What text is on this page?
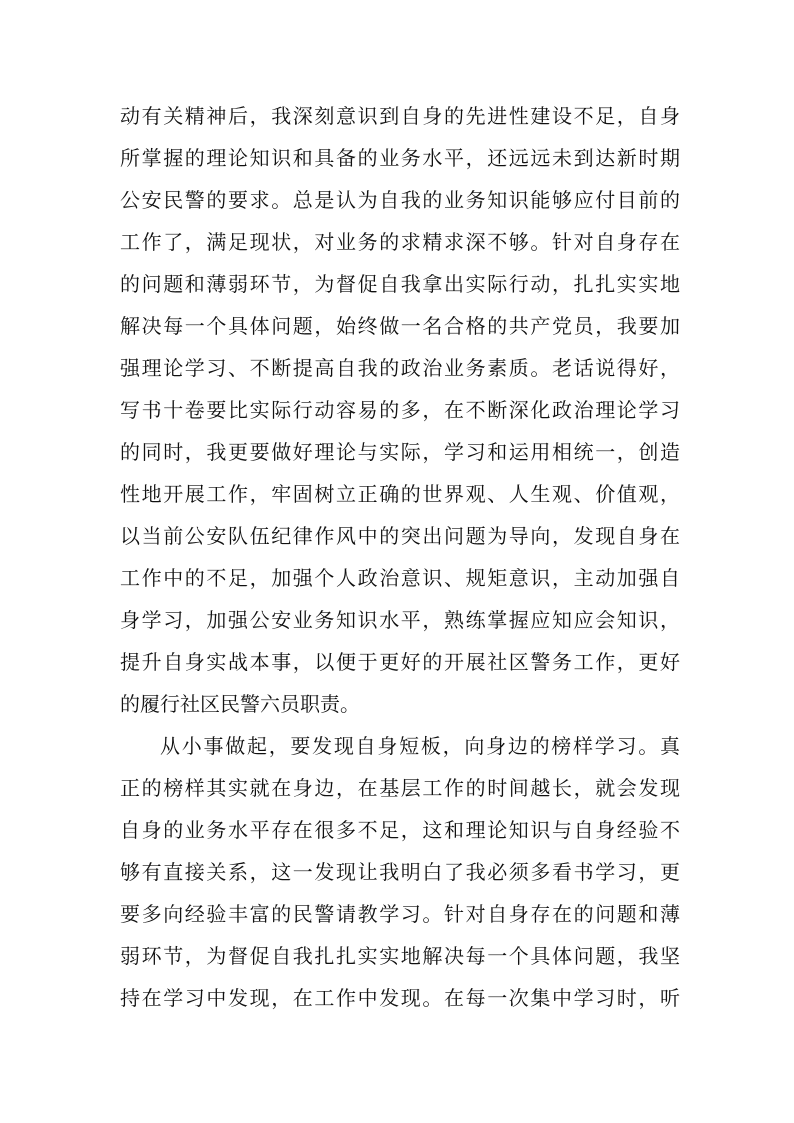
动有关精神后，我深刻意识到自身的先进性建设不足，自身
所掌握的理论知识和具备的业务水平，还远远未到达新时期
公安民警的要求。总是认为自我的业务知识能够应付目前的
工作了，满足现状，对业务的求精求深不够。针对自身存在
的问题和薄弱环节，为督促自我拿出实际行动，扎扎实实地
解决每一个具体问题，始终做一名合格的共产党员，我要加
强理论学习、不断提高自我的政治业务素质。老话说得好，
写书十卷要比实际行动容易的多，在不断深化政治理论学习
的同时，我更要做好理论与实际，学习和运用相统一，创造
性地开展工作，牢固树立正确的世界观、人生观、价值观，
以当前公安队伍纪律作风中的突出问题为导向，发现自身在
工作中的不足，加强个人政治意识、规矩意识，主动加强自
身学习，加强公安业务知识水平，熟练掌握应知应会知识，
提升自身实战本事，以便于更好的开展社区警务工作，更好
的履行社区民警六员职责。
从小事做起，要发现自身短板，向身边的榜样学习。真
正的榜样其实就在身边，在基层工作的时间越长，就会发现
自身的业务水平存在很多不足，这和理论知识与自身经验不
够有直接关系，这一发现让我明白了我必须多看书学习，更
要多向经验丰富的民警请教学习。针对自身存在的问题和薄
弱环节，为督促自我扎扎实实地解决每一个具体问题，我坚
持在学习中发现，在工作中发现。在每一次集中学习时，听
